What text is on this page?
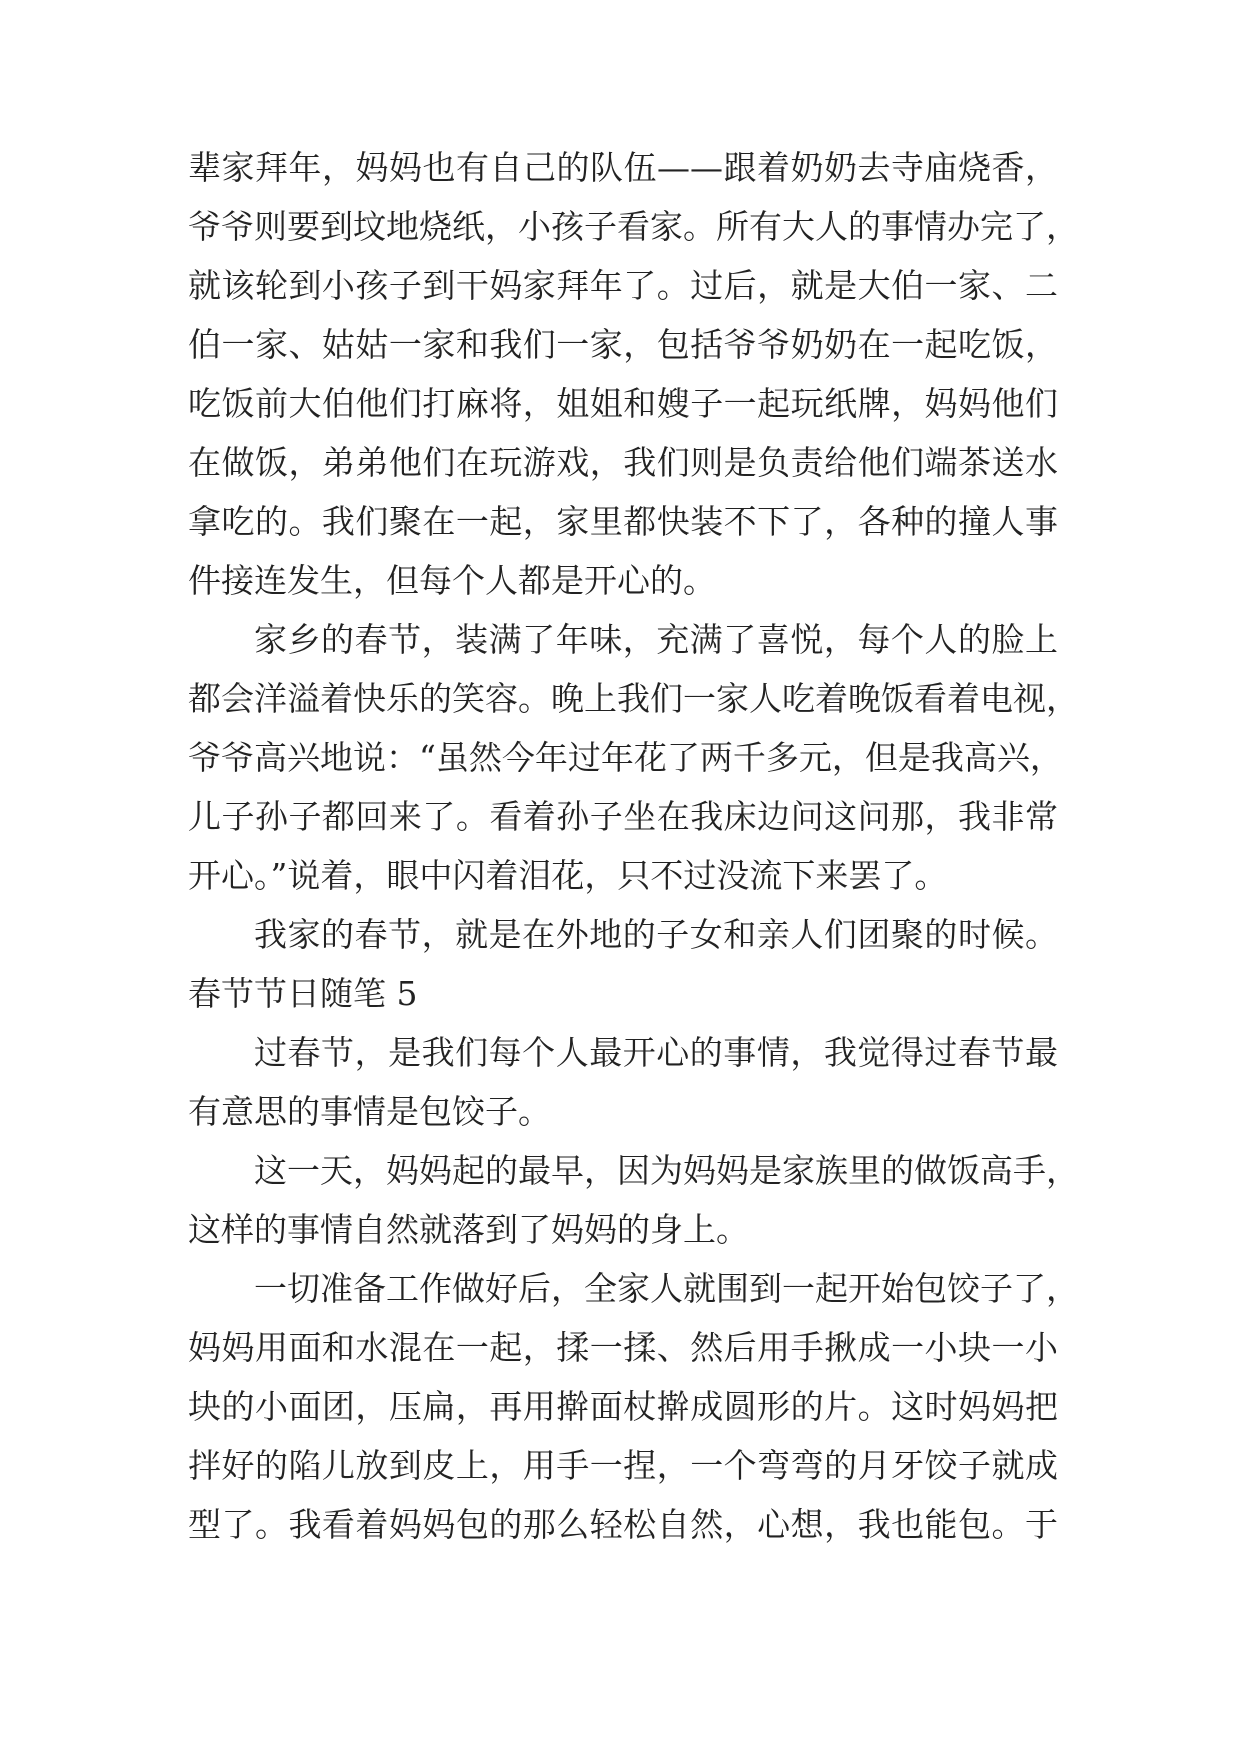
辈家拜年，妈妈也有自己的队伍——跟着奶奶去寺庙烧香，
爷爷则要到坟地烧纸，小孩子看家。所有大人的事情办完了，
就该轮到小孩子到干妈家拜年了。过后，就是大伯一家、二
伯一家、姑姑一家和我们一家，包括爷爷奶奶在一起吃饭，
吃饭前大伯他们打麻将，姐姐和嫂子一起玩纸牌，妈妈他们
在做饭，弟弟他们在玩游戏，我们则是负责给他们端茶送水
拿吃的。我们聚在一起，家里都快装不下了，各种的撞人事
件接连发生，但每个人都是开心的。
家乡的春节，装满了年味，充满了喜悦，每个人的脸上
都会洋溢着快乐的笑容。晚上我们一家人吃着晚饭看着电视，
爷爷高兴地说：“虽然今年过年花了两千多元，但是我高兴，
儿子孙子都回来了。看着孙子坐在我床边问这问那，我非常
开心。”说着，眼中闪着泪花，只不过没流下来罢了。
我家的春节，就是在外地的子女和亲人们团聚的时候。
春节节日随笔 5
过春节，是我们每个人最开心的事情，我觉得过春节最
有意思的事情是包饺子。
这一天，妈妈起的最早，因为妈妈是家族里的做饭高手，
这样的事情自然就落到了妈妈的身上。
一切准备工作做好后，全家人就围到一起开始包饺子了，
妈妈用面和水混在一起，揉一揉、然后用手揪成一小块一小
块的小面团，压扁，再用擀面杖擀成圆形的片。这时妈妈把
拌好的陷儿放到皮上，用手一捏，一个弯弯的月牙饺子就成
型了。我看着妈妈包的那么轻松自然，心想，我也能包。于
